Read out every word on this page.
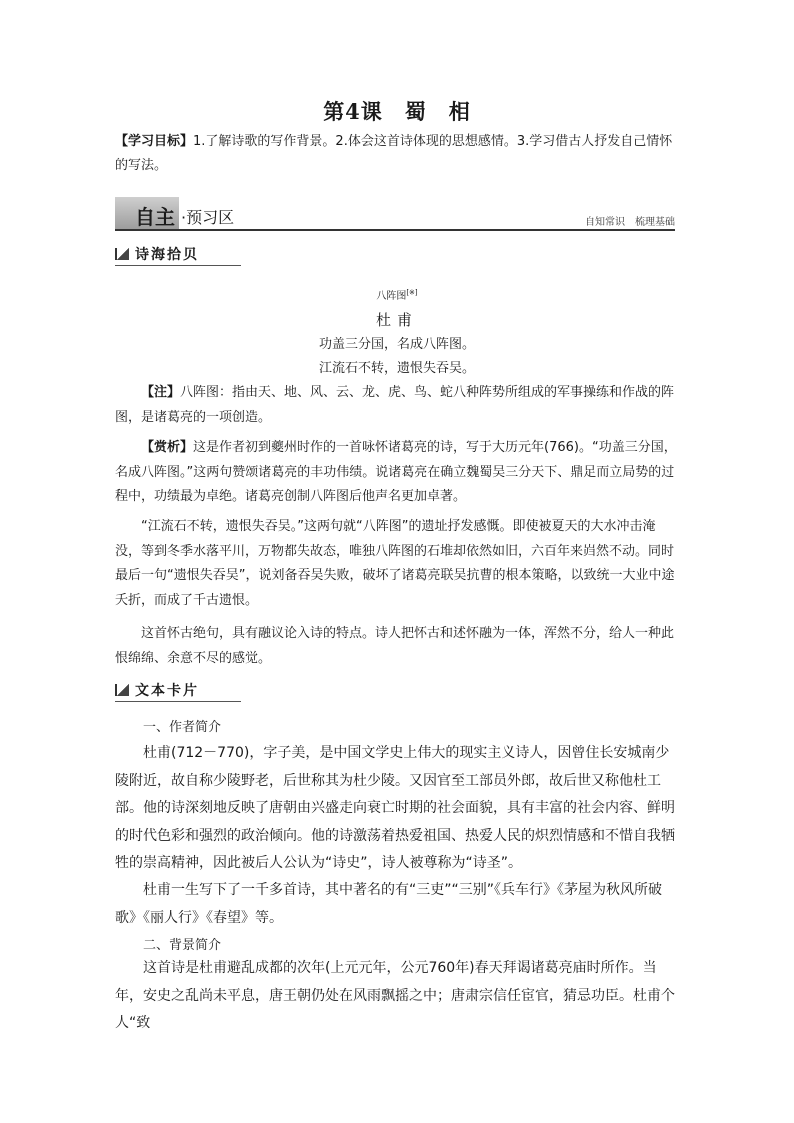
第4课　蜀　相
【学习目标】1.了解诗歌的写作背景。2.体会这首诗体现的思想感情。3.学习借古人抒发自己情怀的写法。
自主 ·预习区	自知常识　梳理基础
诗海拾贝
八阵图[※]
杜甫
功盖三分国，名成八阵图。
江流石不转，遗恨失吞吴。
【注】八阵图：指由天、地、风、云、龙、虎、鸟、蛇八种阵势所组成的军事操练和作战的阵图，是诸葛亮的一项创造。
【赏析】这是作者初到夔州时作的一首咏怀诸葛亮的诗，写于大历元年(766)。“功盖三分国，名成八阵图。”这两句赞颂诸葛亮的丰功伟绩。说诸葛亮在确立魏蜀吴三分天下、鼎足而立局势的过程中，功绩最为卓绝。诸葛亮创制八阵图后他声名更加卓著。
“江流石不转，遗恨失吞吴。”这两句就“八阵图”的遗址抒发感慨。即使被夏天的大水冲击淹没，等到冬季水落平川，万物都失故态，唯独八阵图的石堆却依然如旧，六百年来岿然不动。同时最后一句“遗恨失吞吴”，说刘备吞吴失败，破坏了诸葛亮联吴抗曹的根本策略，以致统一大业中途夭折，而成了千古遗恨。
这首怀古绝句，具有融议论入诗的特点。诗人把怀古和述怀融为一体，浑然不分，给人一种此恨绵绵、余意不尽的感觉。
文本卡片
一、作者简介
杜甫(712－770)，字子美，是中国文学史上伟大的现实主义诗人，因曾住长安城南少陵附近，故自称少陵野老，后世称其为杜少陵。又因官至工部员外郎，故后世又称他杜工部。他的诗深刻地反映了唐朝由兴盛走向衰亡时期的社会面貌，具有丰富的社会内容、鲜明的时代色彩和强烈的政治倾向。他的诗激荡着热爱祖国、热爱人民的炽烈情感和不惜自我牺牲的崇高精神，因此被后人公认为“诗史”，诗人被尊称为“诗圣”。
杜甫一生写下了一千多首诗，其中著名的有“三吏”“三别”《兵车行》《茅屋为秋风所破歌》《丽人行》《春望》等。
二、背景简介
这首诗是杜甫避乱成都的次年(上元元年，公元760年)春天拜谒诸葛亮庙时所作。当年，安史之乱尚未平息，唐王朝仍处在风雨飘摇之中；唐肃宗信任宦官，猜忌功臣。杜甫个人“致
